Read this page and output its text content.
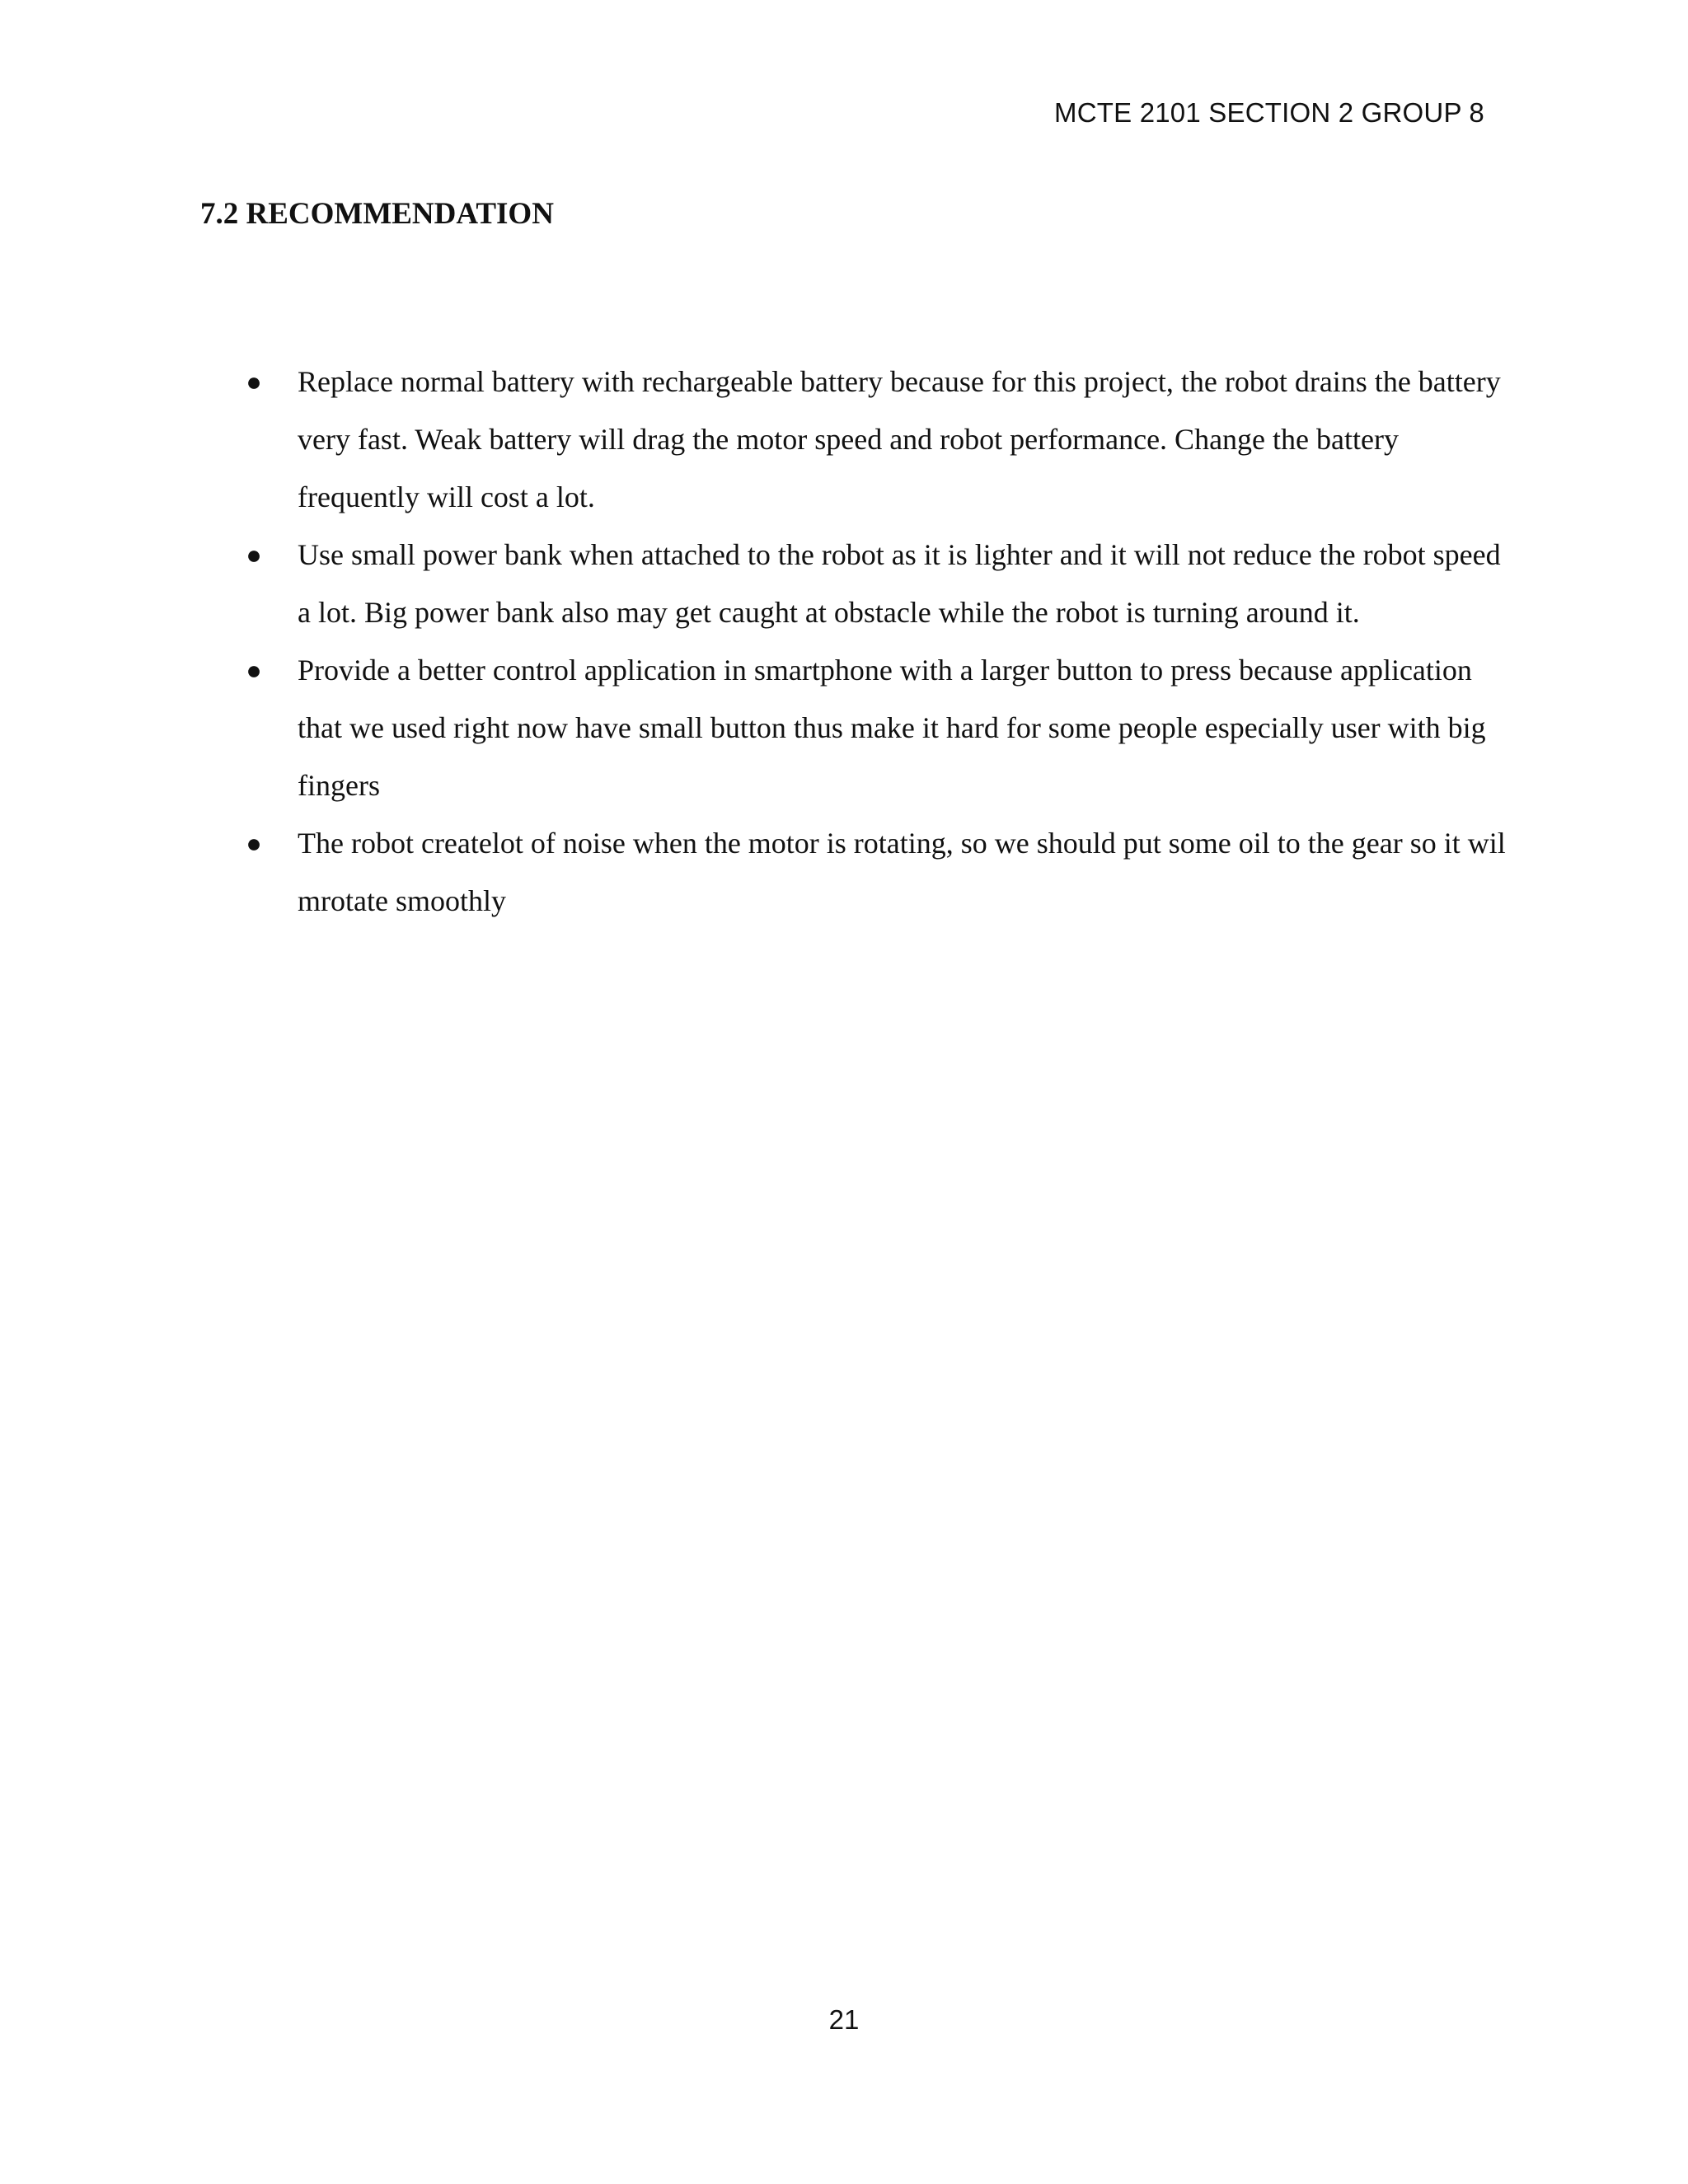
MCTE 2101 SECTION 2 GROUP 8
7.2 RECOMMENDATION
● Replace normal battery with rechargeable battery because for this project, the robot drains the battery very fast. Weak battery will drag the motor speed and robot performance. Change the battery frequently will cost a lot.
● Use small power bank when attached to the robot as it is lighter and it will not reduce the robot speed a lot. Big power bank also may get caught at obstacle while the robot is turning around it.
● Provide a better control application in smartphone with a larger button to press because application that we used right now have small button thus make it hard for some people especially user with big fingers
● The robot createlot of noise when the motor is rotating, so we should put some oil to the gear so it wil mrotate smoothly
21
